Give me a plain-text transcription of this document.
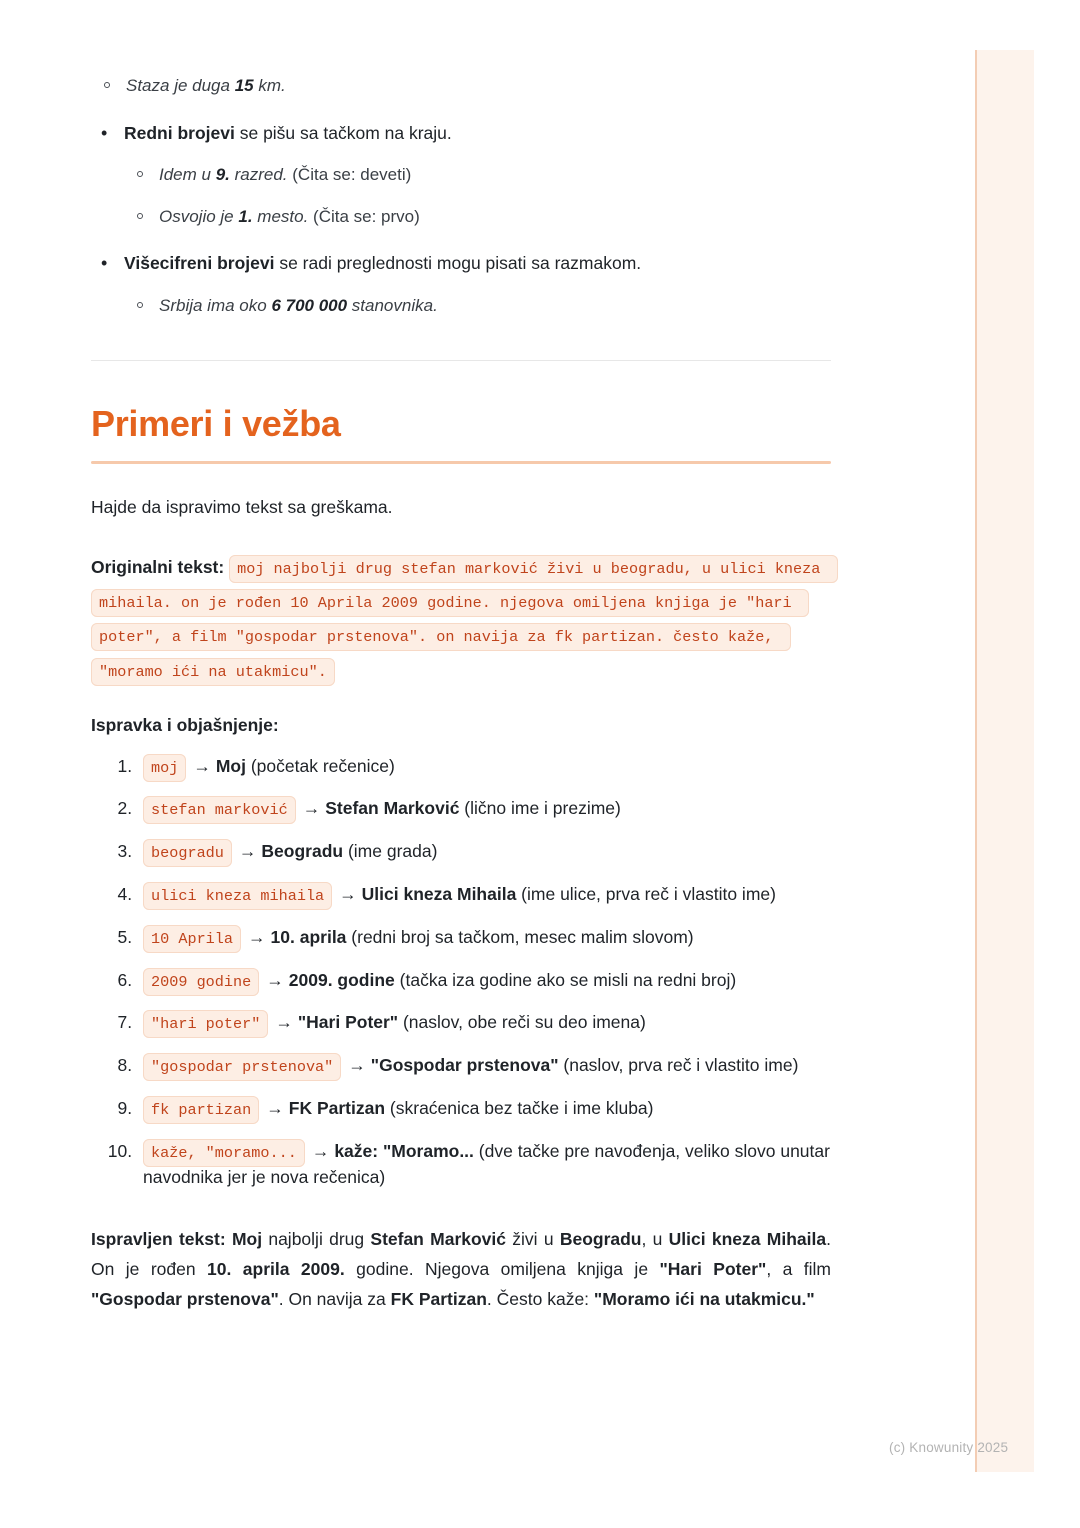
(c) Knowunity 2025
Staza je duga 15 km.
• Redni brojevi se pišu sa tačkom na kraju.
Idem u 9. razred. (Čita se: deveti)
Osvojio je 1. mesto. (Čita se: prvo)
• Višecifreni brojevi se radi preglednosti mogu pisati sa razmakom.
Srbija ima oko 6 700 000 stanovnika.
Primeri i vežba

Hajde da ispravimo tekst sa greškama.

Originalni tekst: moj najbolji drug stefan marković živi u beogradu, u ulici kneza mihaila. on je rođen 10 Aprila 2009 godine. njegova omiljena knjiga je "hari poter", a film "gospodar prstenova". on navija za fk partizan. često kaže, "moramo ići na utakmicu".

Ispravka i objašnjenje:

1. moj → Moj (početak rečenice)
2. stefan marković → Stefan Marković (lično ime i prezime)
3. beogradu → Beogradu (ime grada)
4. ulici kneza mihaila → Ulici kneza Mihaila (ime ulice, prva reč i vlastito ime)
5. 10 Aprila → 10. aprila (redni broj sa tačkom, mesec malim slovom)
6. 2009 godine → 2009. godine (tačka iza godine ako se misli na redni broj)
7. "hari poter" → "Hari Poter" (naslov, obe reči su deo imena)
8. "gospodar prstenova" → "Gospodar prstenova" (naslov, prva reč i vlastito ime)
9. fk partizan → FK Partizan (skraćenica bez tačke i ime kluba)
10. kaže, "moramo... → kaže: "Moramo... (dve tačke pre navođenja, veliko slovo unutar navodnika jer je nova rečenica)

Ispravljen tekst: Moj najbolji drug Stefan Marković živi u Beogradu, u Ulici kneza Mihaila. On je rođen 10. aprila 2009. godine. Njegova omiljena knjiga je "Hari Poter", a film "Gospodar prstenova". On navija za FK Partizan. Često kaže: "Moramo ići na utakmicu."
